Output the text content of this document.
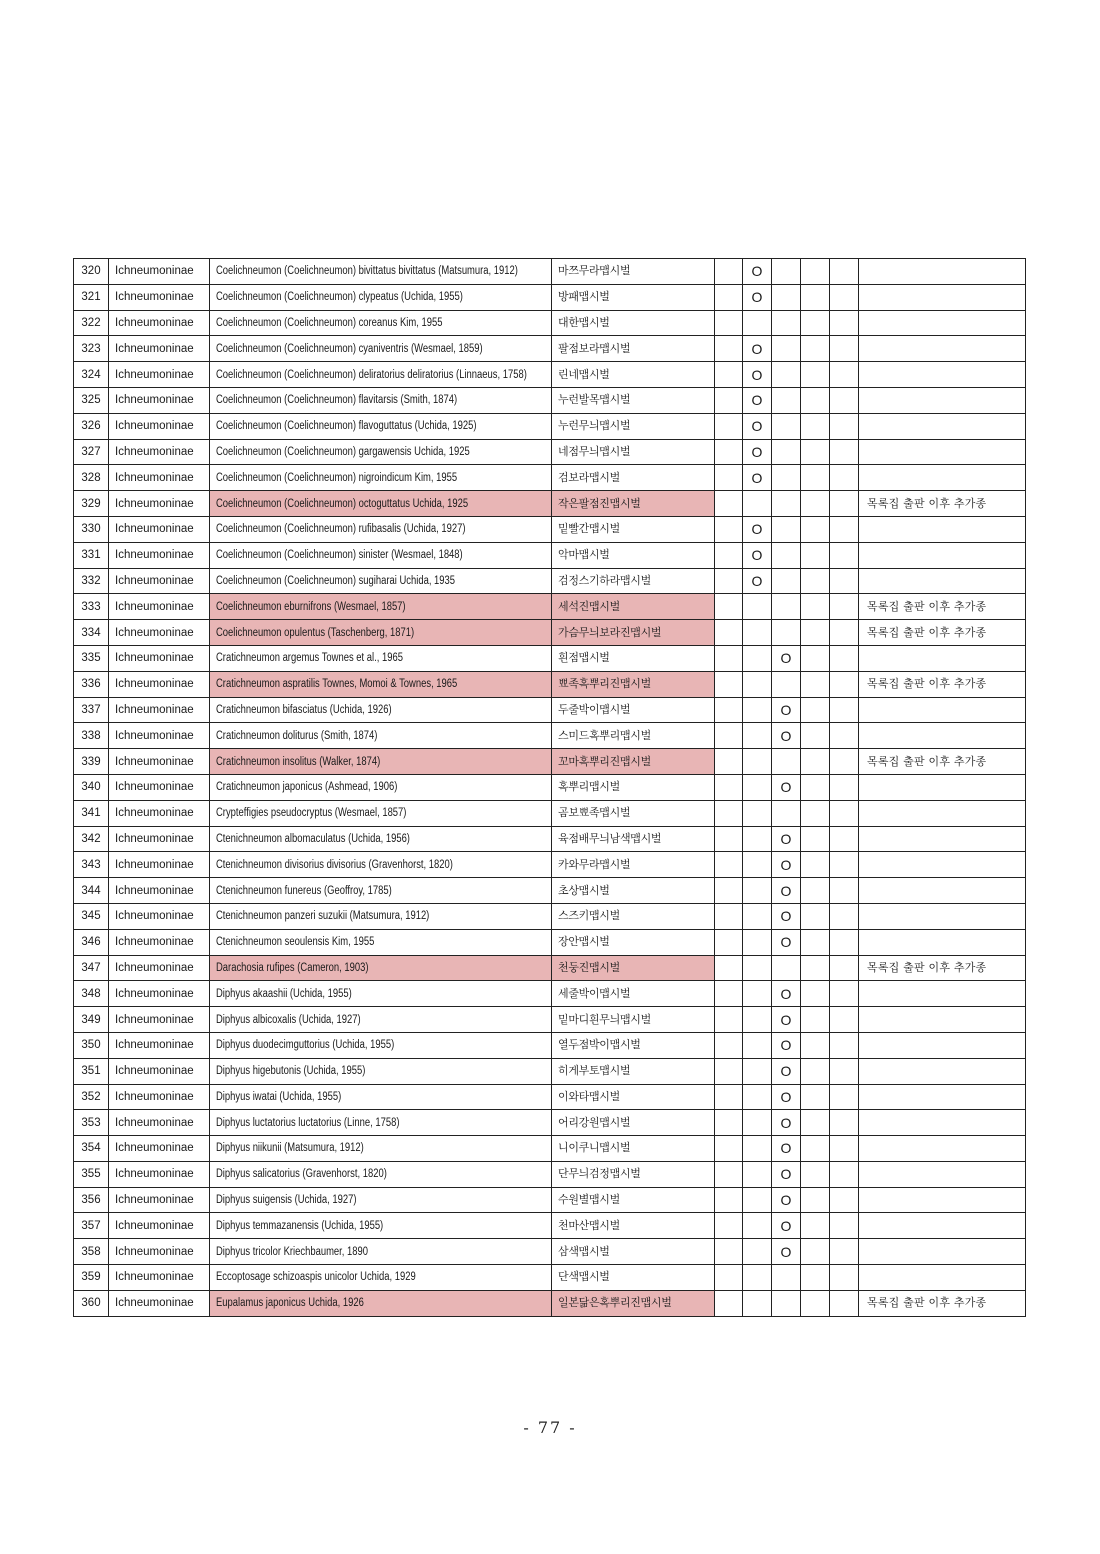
320	Ichneumoninae	Coelichneumon (Coelichneumon) bivittatus bivittatus (Matsumura, 1912)	마쯔무라맵시벌		O				
321	Ichneumoninae	Coelichneumon (Coelichneumon) clypeatus (Uchida, 1955)	방패맵시벌		O				
322	Ichneumoninae	Coelichneumon (Coelichneumon) coreanus Kim, 1955	대한맵시벌						
323	Ichneumoninae	Coelichneumon (Coelichneumon) cyaniventris (Wesmael, 1859)	팔점보라맵시벌		O				
324	Ichneumoninae	Coelichneumon (Coelichneumon) deliratorius deliratorius (Linnaeus, 1758)	린네맵시벌		O				
325	Ichneumoninae	Coelichneumon (Coelichneumon) flavitarsis (Smith, 1874)	누런발목맵시벌		O				
326	Ichneumoninae	Coelichneumon (Coelichneumon) flavoguttatus (Uchida, 1925)	누런무늬맵시벌		O				
327	Ichneumoninae	Coelichneumon (Coelichneumon) gargawensis Uchida, 1925	네점무늬맵시벌		O				
328	Ichneumoninae	Coelichneumon (Coelichneumon) nigroindicum Kim, 1955	검보라맵시벌		O				
329	Ichneumoninae	Coelichneumon (Coelichneumon) octoguttatus Uchida, 1925	작은팔점진맵시벌						목록집 출판 이후 추가종
330	Ichneumoninae	Coelichneumon (Coelichneumon) rufibasalis (Uchida, 1927)	밑빨간맵시벌		O				
331	Ichneumoninae	Coelichneumon (Coelichneumon) sinister (Wesmael, 1848)	악마맵시벌		O				
332	Ichneumoninae	Coelichneumon (Coelichneumon) sugiharai Uchida, 1935	검정스기하라맵시벌		O				
333	Ichneumoninae	Coelichneumon eburnifrons (Wesmael, 1857)	세석진맵시벌						목록집 출판 이후 추가종
334	Ichneumoninae	Coelichneumon opulentus (Taschenberg, 1871)	가슴무늬보라진맵시벌						목록집 출판 이후 추가종
335	Ichneumoninae	Cratichneumon argemus Townes et al., 1965	흰점맵시벌			O			
336	Ichneumoninae	Cratichneumon aspratilis Townes, Momoi & Townes, 1965	뾰족혹뿌리진맵시벌						목록집 출판 이후 추가종
337	Ichneumoninae	Cratichneumon bifasciatus (Uchida, 1926)	두줄박이맵시벌			O			
338	Ichneumoninae	Cratichneumon doliturus (Smith, 1874)	스미드혹뿌리맵시벌			O			
339	Ichneumoninae	Cratichneumon insolitus (Walker, 1874)	꼬마혹뿌리진맵시벌						목록집 출판 이후 추가종
340	Ichneumoninae	Cratichneumon japonicus (Ashmead, 1906)	혹뿌리맵시벌			O			
341	Ichneumoninae	Crypteffigies pseudocryptus (Wesmael, 1857)	곰보뾰족맵시벌						
342	Ichneumoninae	Ctenichneumon albomaculatus (Uchida, 1956)	육점배무늬남색맵시벌			O			
343	Ichneumoninae	Ctenichneumon divisorius divisorius (Gravenhorst, 1820)	카와무라맵시벌			O			
344	Ichneumoninae	Ctenichneumon funereus (Geoffroy, 1785)	초상맵시벌			O			
345	Ichneumoninae	Ctenichneumon panzeri suzukii (Matsumura, 1912)	스즈키맵시벌			O			
346	Ichneumoninae	Ctenichneumon seoulensis Kim, 1955	장안맵시벌			O			
347	Ichneumoninae	Darachosia rufipes (Cameron, 1903)	천둥진맵시벌						목록집 출판 이후 추가종
348	Ichneumoninae	Diphyus akaashii (Uchida, 1955)	세줄박이맵시벌			O			
349	Ichneumoninae	Diphyus albicoxalis (Uchida, 1927)	밑마디흰무늬맵시벌			O			
350	Ichneumoninae	Diphyus duodecimguttorius (Uchida, 1955)	열두점박이맵시벌			O			
351	Ichneumoninae	Diphyus higebutonis (Uchida, 1955)	히게부토맵시벌			O			
352	Ichneumoninae	Diphyus iwatai (Uchida, 1955)	이와타맵시벌			O			
353	Ichneumoninae	Diphyus luctatorius luctatorius (Linne, 1758)	어리강원맵시벌			O			
354	Ichneumoninae	Diphyus niikunii (Matsumura, 1912)	니이쿠니맵시벌			O			
355	Ichneumoninae	Diphyus salicatorius (Gravenhorst, 1820)	단무늬검정맵시벌			O			
356	Ichneumoninae	Diphyus suigensis (Uchida, 1927)	수원별맵시벌			O			
357	Ichneumoninae	Diphyus temmazanensis (Uchida, 1955)	천마산맵시벌			O			
358	Ichneumoninae	Diphyus tricolor Kriechbaumer, 1890	삼색맵시벌			O			
359	Ichneumoninae	Eccoptosage schizoaspis unicolor Uchida, 1929	단색맵시벌						
360	Ichneumoninae	Eupalamus japonicus Uchida, 1926	일본닮은혹뿌리진맵시벌						목록집 출판 이후 추가종
- 77 -
